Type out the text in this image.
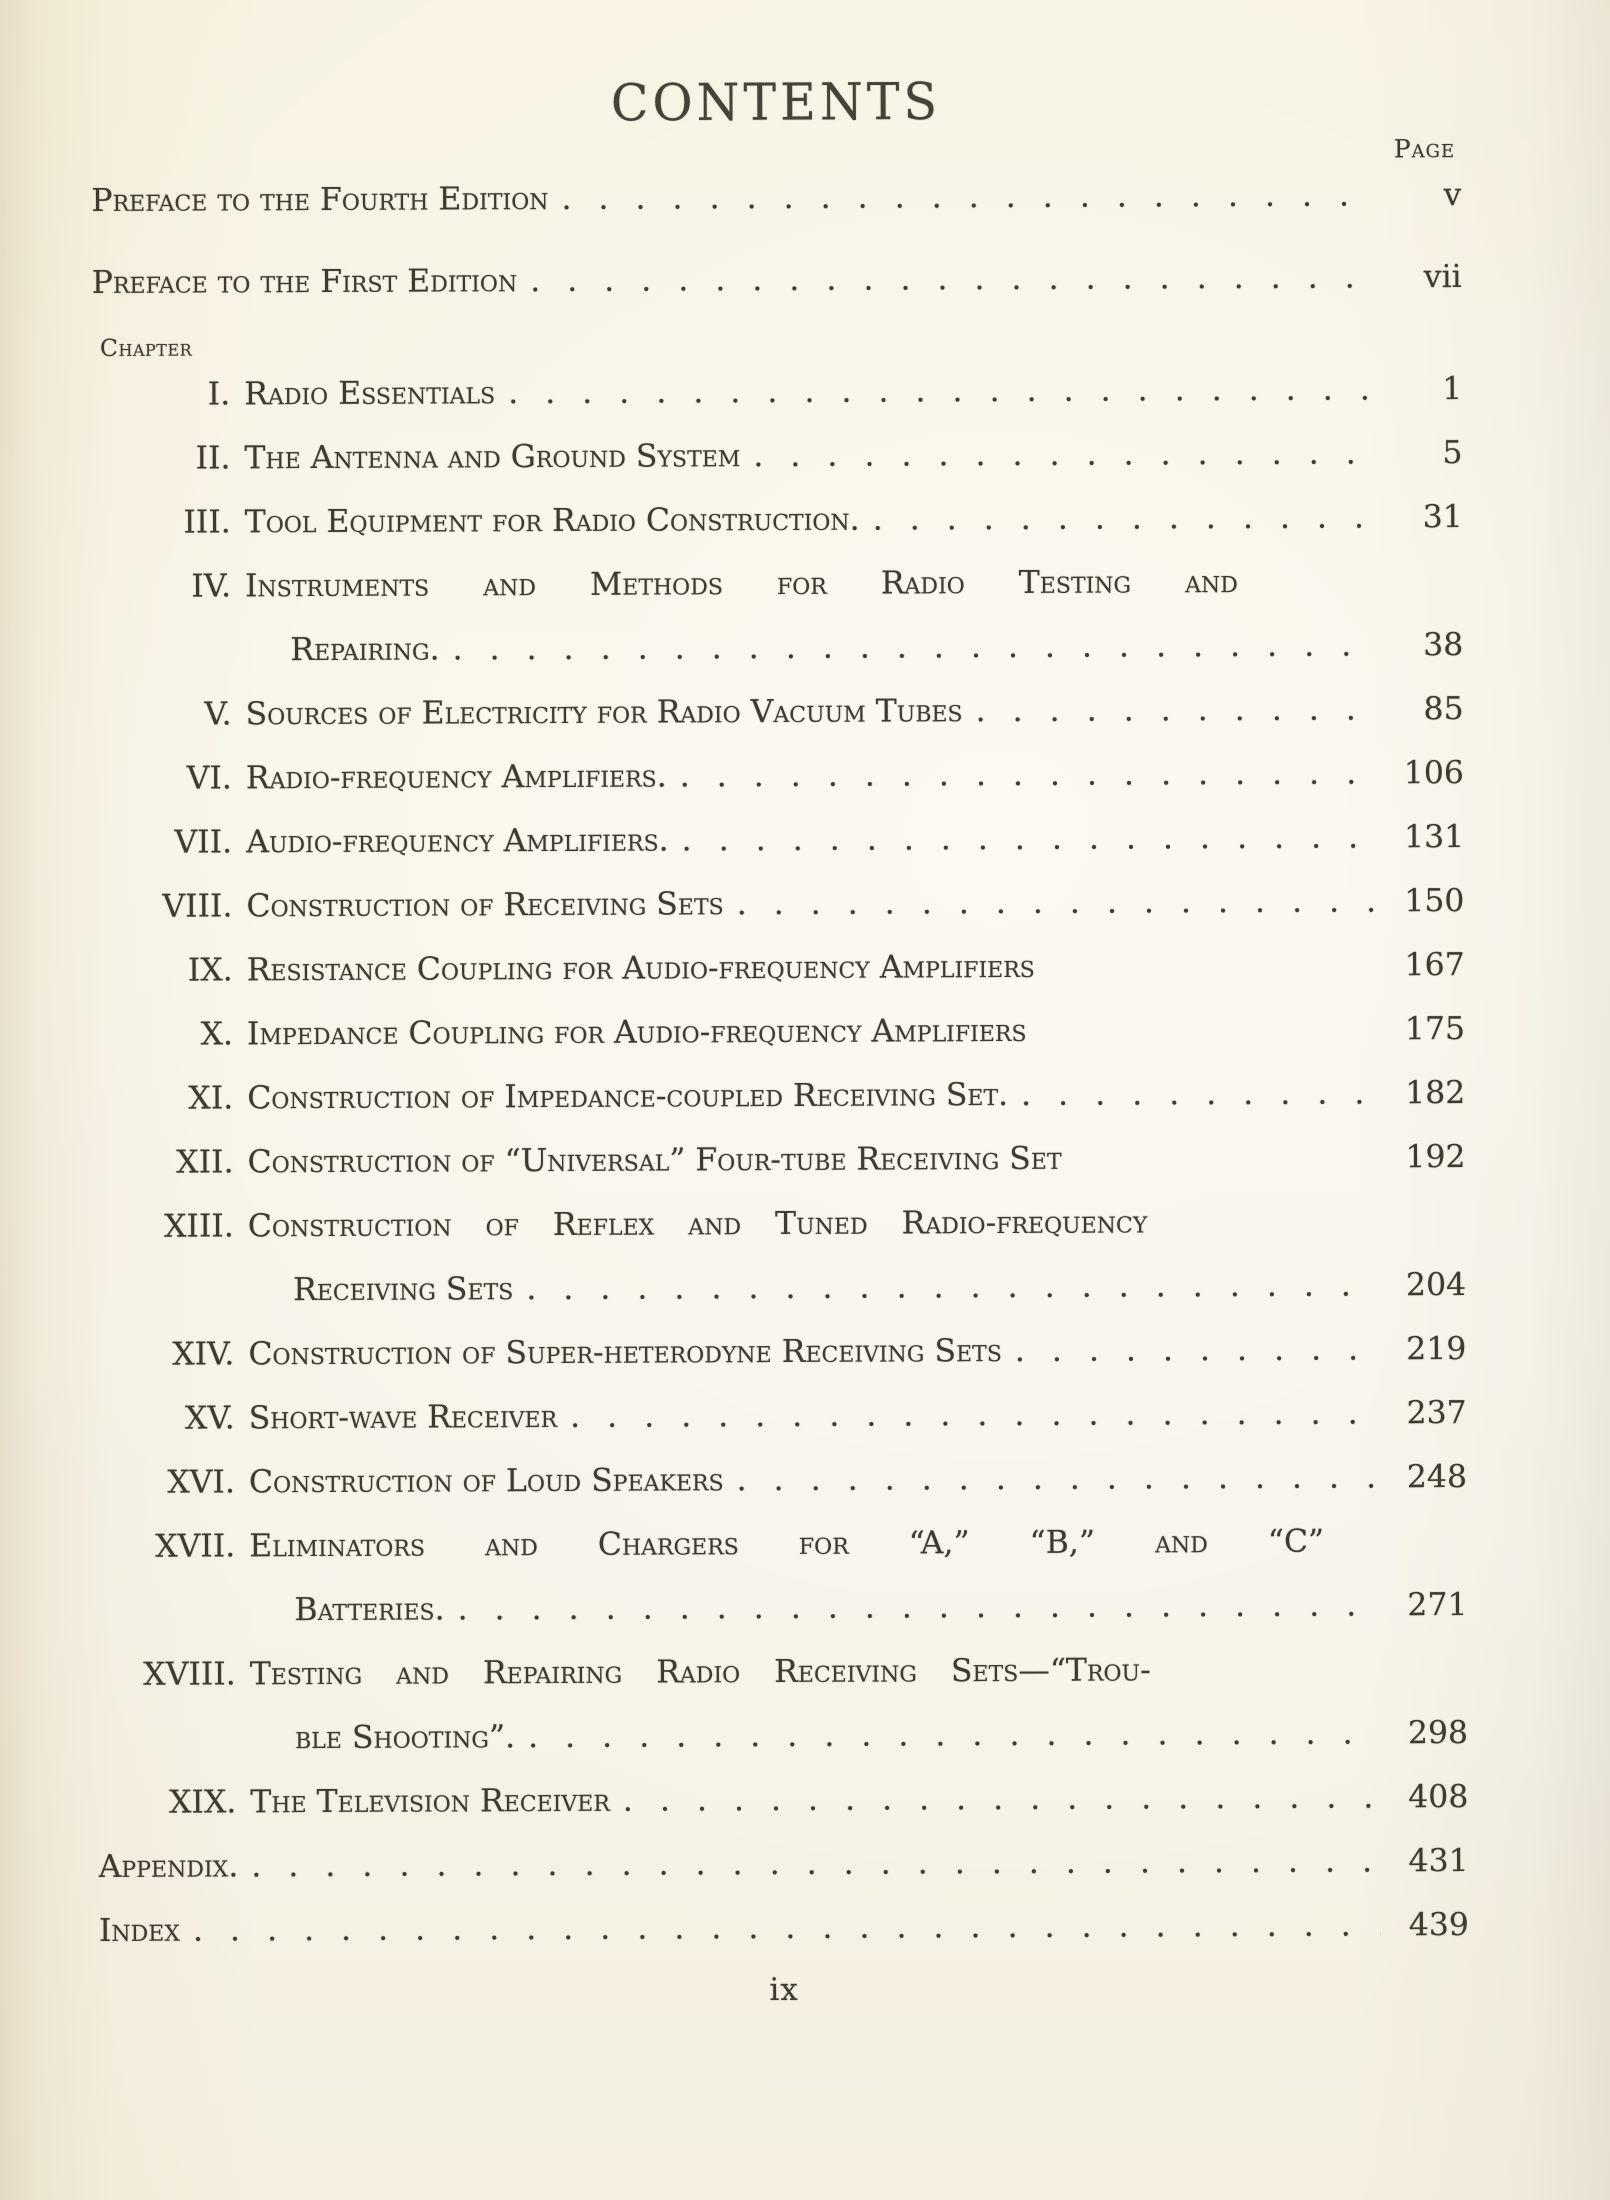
CONTENTS
Page
Preface to the Fourth Edition . . .	v
Preface to the First Edition . . .	vii
Chapter
I. Radio Essentials . . .	1
II. The Antenna and Ground System . . .	5
III. Tool Equipment for Radio Construction. . . .	31
IV. Instruments and Methods for Radio Testing and
Repairing. . . .	38
V. Sources of Electricity for Radio Vacuum Tubes . . .	85
VI. Radio-frequency Amplifiers. . . .	106
VII. Audio-frequency Amplifiers. . . .	131
VIII. Construction of Receiving Sets . . .	150
IX. Resistance Coupling for Audio-frequency Amplifiers	167
X. Impedance Coupling for Audio-frequency Amplifiers	175
XI. Construction of Impedance-coupled Receiving Set. . . .	182
XII. Construction of “Universal” Four-tube Receiving Set	192
XIII. Construction of Reflex and Tuned Radio-frequency
Receiving Sets . . .	204
XIV. Construction of Super-heterodyne Receiving Sets . . .	219
XV. Short-wave Receiver . . .	237
XVI. Construction of Loud Speakers . . .	248
XVII. Eliminators and Chargers for “A,” “B,” and “C”
Batteries. . . .	271
XVIII. Testing and Repairing Radio Receiving Sets—“Trou-
ble Shooting”. . . .	298
XIX. The Television Receiver . . .	408
Appendix. . . .	431
Index . . .	439
ix
